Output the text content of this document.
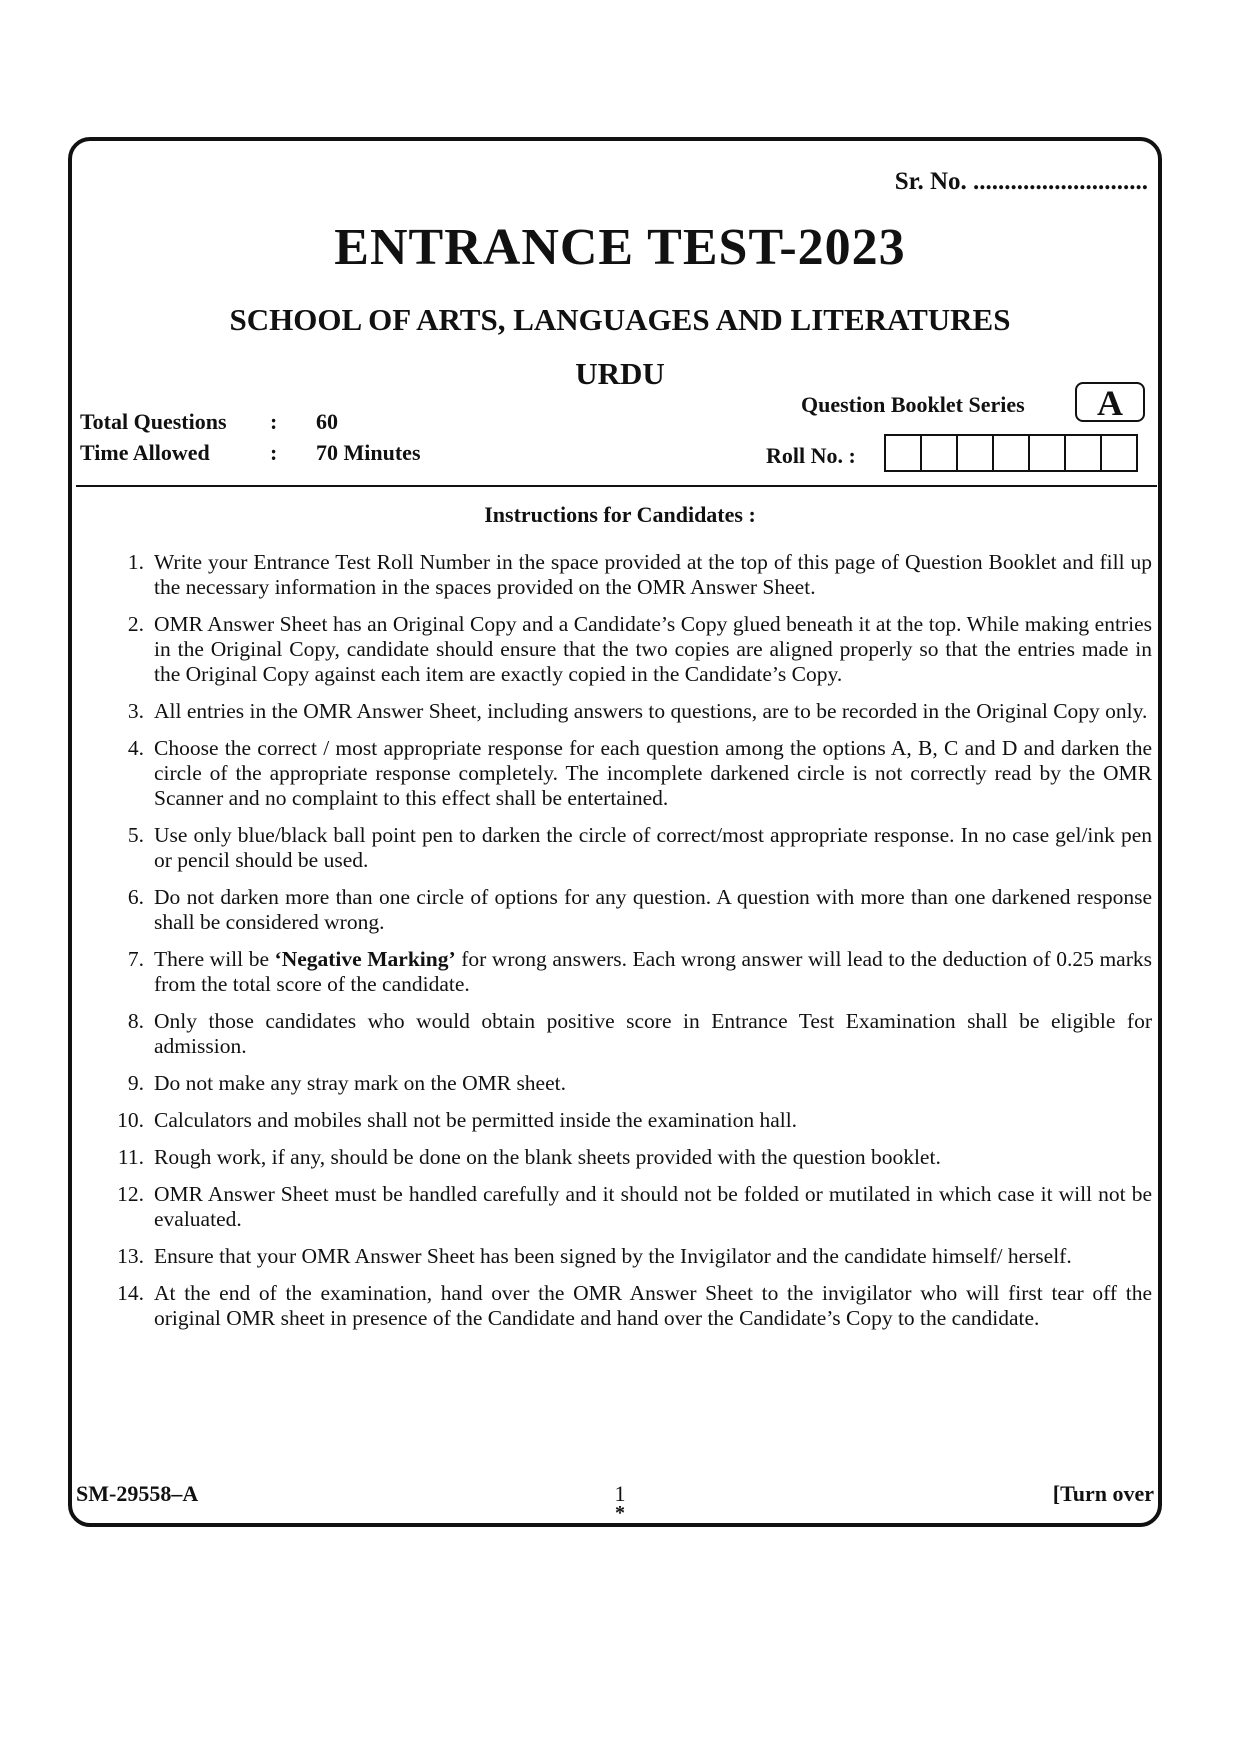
Sr. No. ............................
ENTRANCE TEST-2023
SCHOOL OF ARTS, LANGUAGES AND LITERATURES
URDU
Total Questions : 60
Time Allowed	: 70 Minutes
Question Booklet Series	A
Roll No. :
Instructions for Candidates :
1. Write your Entrance Test Roll Number in the space provided at the top of this page of Question Booklet and fill up the necessary information in the spaces provided on the OMR Answer Sheet.
2. OMR Answer Sheet has an Original Copy and a Candidate’s Copy glued beneath it at the top. While making entries in the Original Copy, candidate should ensure that the two copies are aligned properly so that the entries made in the Original Copy against each item are exactly copied in the Candidate’s Copy.
3. All entries in the OMR Answer Sheet, including answers to questions, are to be recorded in the Original Copy only.
4. Choose the correct / most appropriate response for each question among the options A, B, C and D and darken the circle of the appropriate response completely. The incomplete darkened circle is not correctly read by the OMR Scanner and no complaint to this effect shall be entertained.
5. Use only blue/black ball point pen to darken the circle of correct/most appropriate response. In no case gel/ink pen or pencil should be used.
6. Do not darken more than one circle of options for any question. A question with more than one darkened response shall be considered wrong.
7. There will be ‘Negative Marking’ for wrong answers. Each wrong answer will lead to the deduction of 0.25 marks from the total score of the candidate.
8. Only those candidates who would obtain positive score in Entrance Test Examination shall be eligible for admission.
9. Do not make any stray mark on the OMR sheet.
10. Calculators and mobiles shall not be permitted inside the examination hall.
11. Rough work, if any, should be done on the blank sheets provided with the question booklet.
12. OMR Answer Sheet must be handled carefully and it should not be folded or mutilated in which case it will not be evaluated.
13. Ensure that your OMR Answer Sheet has been signed by the Invigilator and the candidate himself/ herself.
14. At the end of the examination, hand over the OMR Answer Sheet to the invigilator who will first tear off the original OMR sheet in presence of the Candidate and hand over the Candidate’s Copy to the candidate.
SM-29558–A	1
*
[Turn over
